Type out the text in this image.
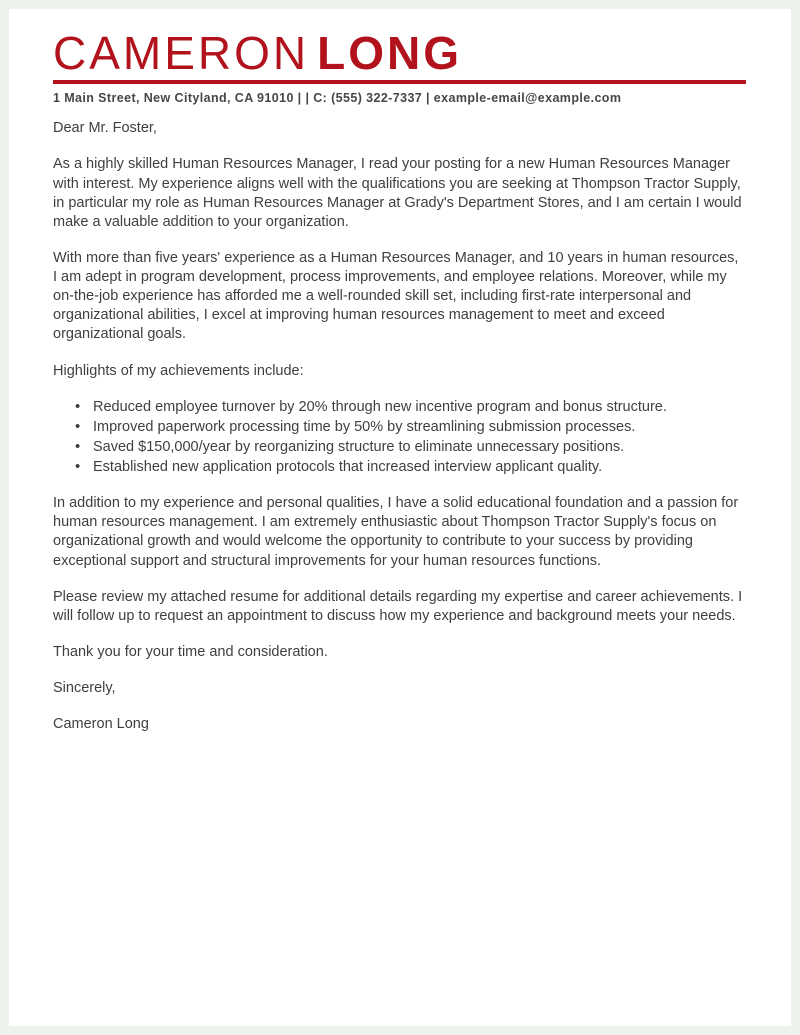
CAMERON LONG
1 Main Street, New Cityland, CA 91010 | | C: (555) 322-7337 | example-email@example.com

Dear Mr. Foster,

As a highly skilled Human Resources Manager, I read your posting for a new Human Resources Manager with interest. My experience aligns well with the qualifications you are seeking at Thompson Tractor Supply, in particular my role as Human Resources Manager at Grady's Department Stores, and I am certain I would make a valuable addition to your organization.

With more than five years' experience as a Human Resources Manager, and 10 years in human resources, I am adept in program development, process improvements, and employee relations. Moreover, while my on-the-job experience has afforded me a well-rounded skill set, including first-rate interpersonal and organizational abilities, I excel at improving human resources management to meet and exceed organizational goals.

Highlights of my achievements include:

• Reduced employee turnover by 20% through new incentive program and bonus structure.
• Improved paperwork processing time by 50% by streamlining submission processes.
• Saved $150,000/year by reorganizing structure to eliminate unnecessary positions.
• Established new application protocols that increased interview applicant quality.

In addition to my experience and personal qualities, I have a solid educational foundation and a passion for human resources management. I am extremely enthusiastic about Thompson Tractor Supply's focus on organizational growth and would welcome the opportunity to contribute to your success by providing exceptional support and structural improvements for your human resources functions.

Please review my attached resume for additional details regarding my expertise and career achievements. I will follow up to request an appointment to discuss how my experience and background meets your needs.

Thank you for your time and consideration.

Sincerely,

Cameron Long
